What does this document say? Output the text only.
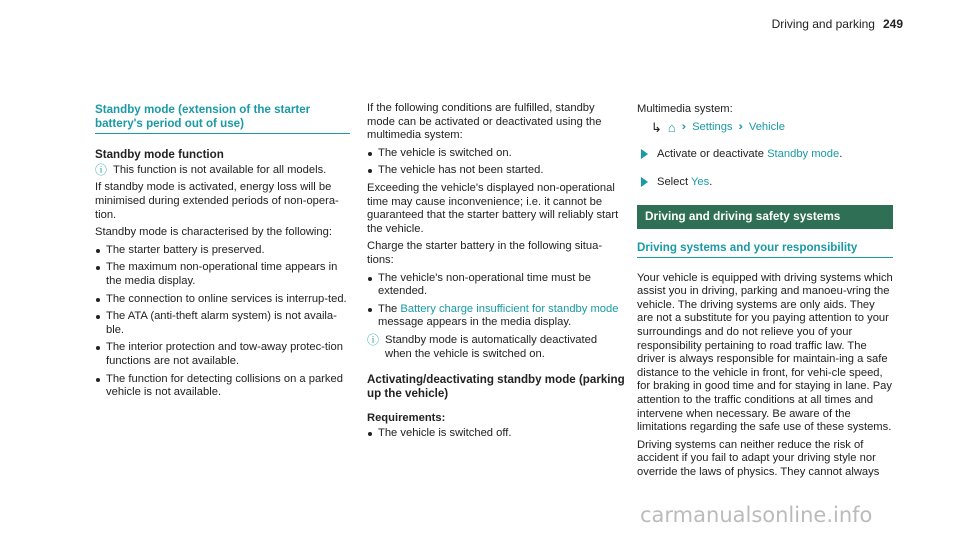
Driving and parking 249
Standby mode (extension of the starter battery's period out of use)
Standby mode function
ⓘ This function is not available for all models.

If standby mode is activated, energy loss will be minimised during extended periods of non-opera-tion.

Standby mode is characterised by the following:

The starter battery is preserved.
The maximum non-operational time appears in the media display.
The connection to online services is interrup-ted.
The ATA (anti-theft alarm system) is not availa-ble.
The interior protection and tow-away protec-tion functions are not available.
The function for detecting collisions on a parked vehicle is not available.

If the following conditions are fulfilled, standby mode can be activated or deactivated using the multimedia system:

The vehicle is switched on.
The vehicle has not been started.

Exceeding the vehicle's displayed non-operational time may cause inconvenience; i.e. it cannot be guaranteed that the starter battery will reliably start the vehicle.

Charge the starter battery in the following situa-tions:

The vehicle's non-operational time must be extended.
The Battery charge insufficient for standby mode message appears in the media display.
ⓘ Standby mode is automatically deactivated when the vehicle is switched on.
Activating/deactivating standby mode (parking up the vehicle)
Requirements:
The vehicle is switched off.

Multimedia system:

↳ ⌂ ›› Settings ›› Vehicle
Activate or deactivate Standby mode.
Select Yes.
Driving and driving safety systems
Driving systems and your responsibility

Your vehicle is equipped with driving systems which assist you in driving, parking and manoeu-vring the vehicle. The driving systems are only aids. They are not a substitute for you paying attention to your surroundings and do not relieve you of your responsibility pertaining to road traffic law. The driver is always responsible for maintain-ing a safe distance to the vehicle in front, for vehi-cle speed, for braking in good time and for staying in lane. Pay attention to the traffic conditions at all times and intervene when necessary. Be aware of the limitations regarding the safe use of these systems.

Driving systems can neither reduce the risk of accident if you fail to adapt your driving style nor override the laws of physics. They cannot always

carmanualsonline.info
